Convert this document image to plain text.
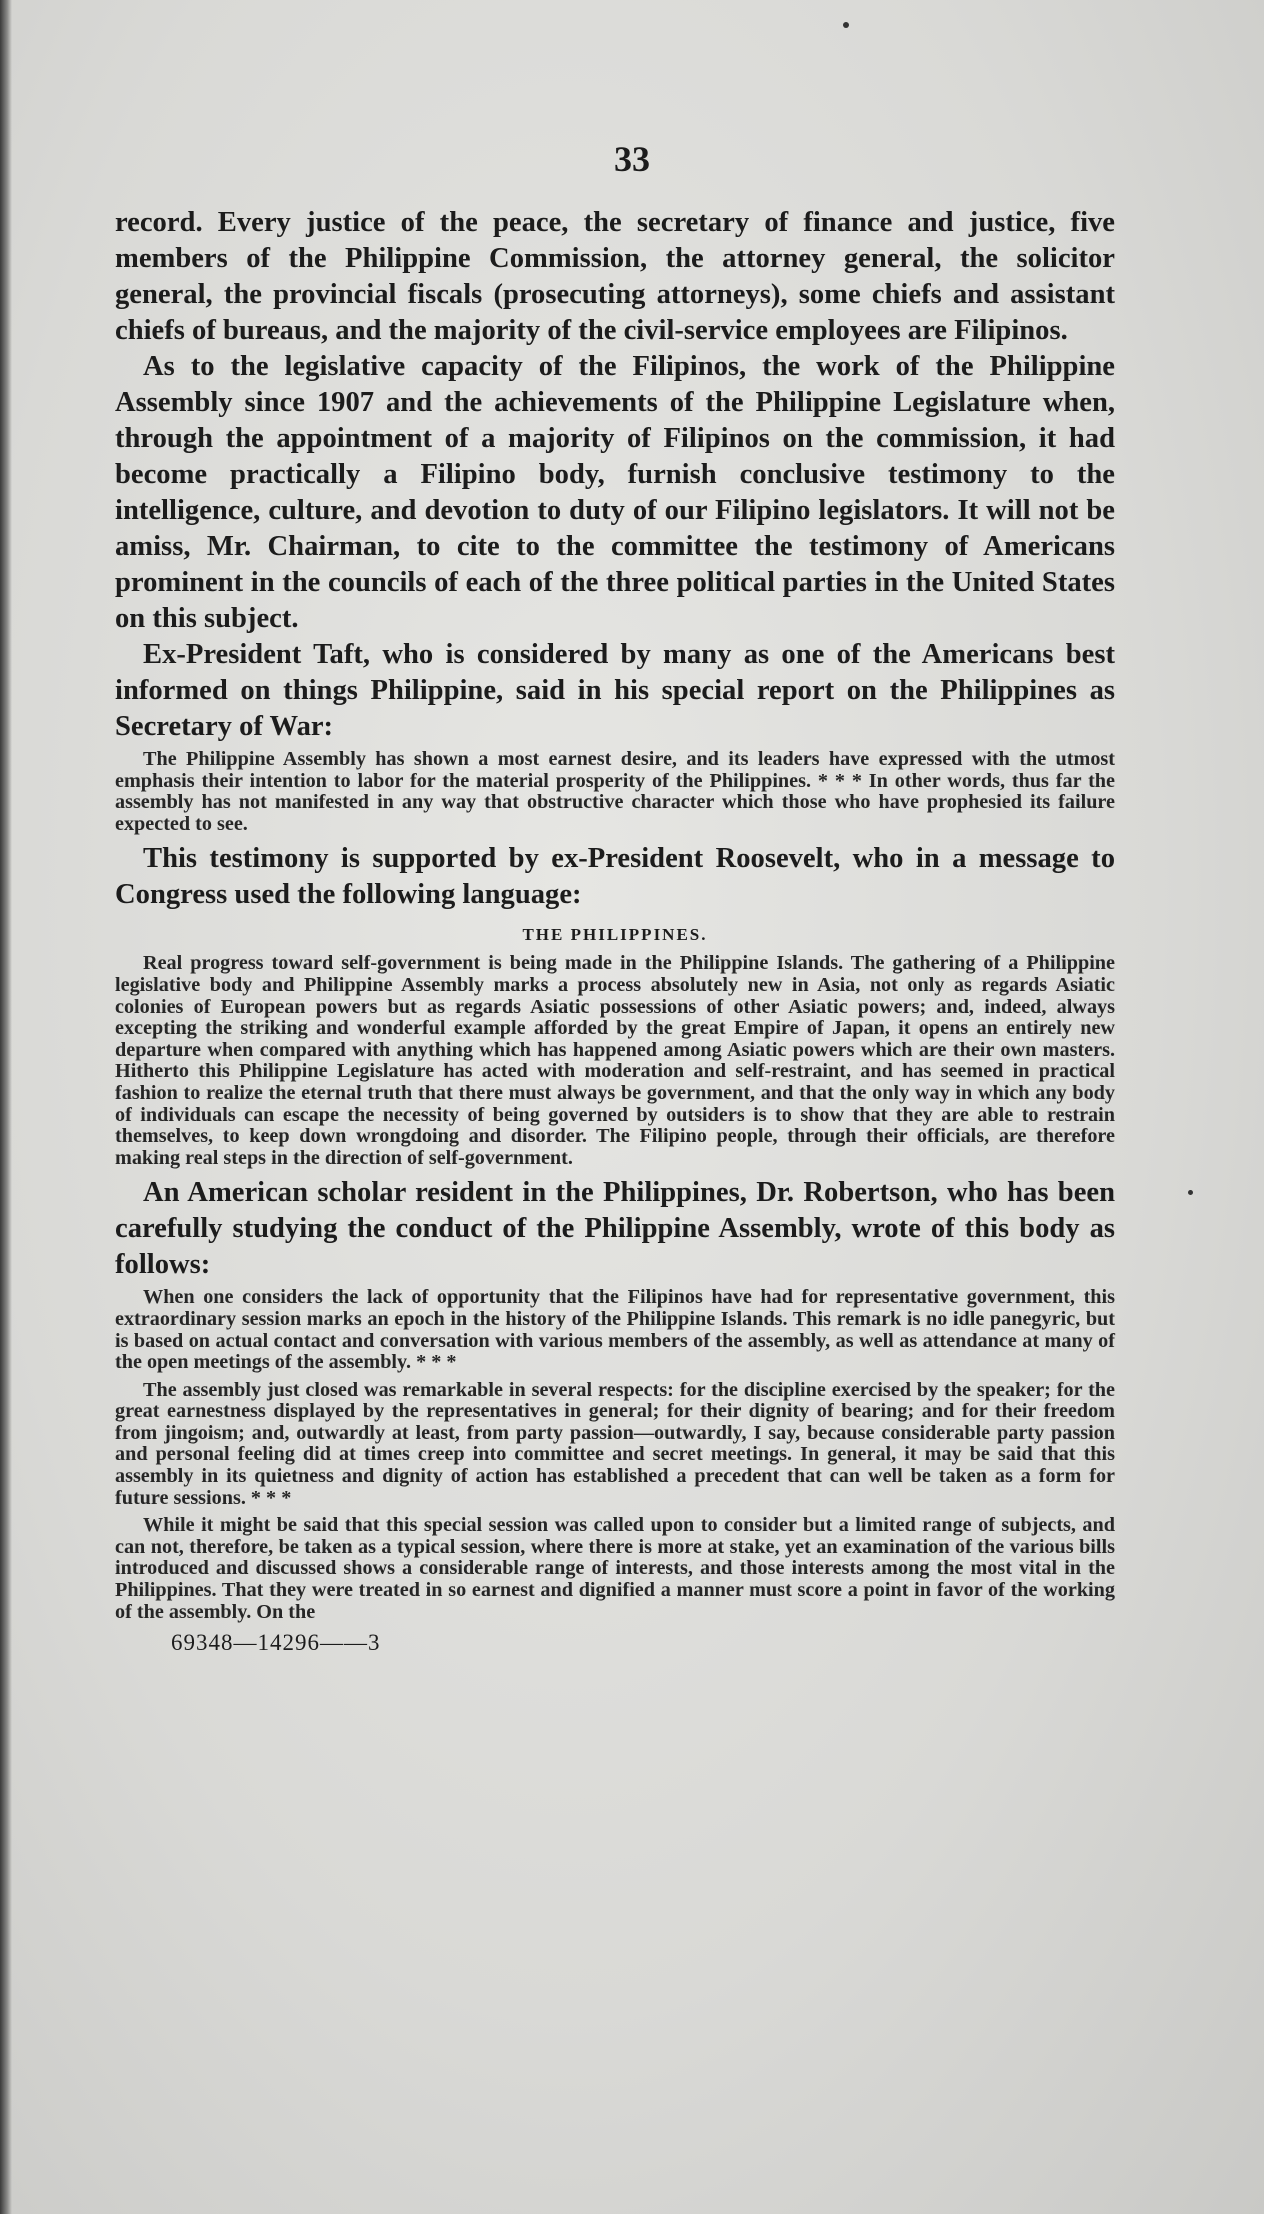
33

record. Every justice of the peace, the secretary of finance and justice, five members of the Philippine Commission, the attorney general, the solicitor general, the provincial fiscals (prosecuting attorneys), some chiefs and assistant chiefs of bureaus, and the majority of the civil-service employees are Filipinos.

As to the legislative capacity of the Filipinos, the work of the Philippine Assembly since 1907 and the achievements of the Philippine Legislature when, through the appointment of a majority of Filipinos on the commission, it had become practically a Filipino body, furnish conclusive testimony to the intelligence, culture, and devotion to duty of our Filipino legislators. It will not be amiss, Mr. Chairman, to cite to the committee the testimony of Americans prominent in the councils of each of the three political parties in the United States on this subject.

Ex-President Taft, who is considered by many as one of the Americans best informed on things Philippine, said in his special report on the Philippines as Secretary of War:

The Philippine Assembly has shown a most earnest desire, and its leaders have expressed with the utmost emphasis their intention to labor for the material prosperity of the Philippines. * * * In other words, thus far the assembly has not manifested in any way that obstructive character which those who have prophesied its failure expected to see.

This testimony is supported by ex-President Roosevelt, who in a message to Congress used the following language:

THE PHILIPPINES.

Real progress toward self-government is being made in the Philippine Islands. The gathering of a Philippine legislative body and Philippine Assembly marks a process absolutely new in Asia, not only as regards Asiatic colonies of European powers but as regards Asiatic possessions of other Asiatic powers; and, indeed, always excepting the striking and wonderful example afforded by the great Empire of Japan, it opens an entirely new departure when compared with anything which has happened among Asiatic powers which are their own masters. Hitherto this Philippine Legislature has acted with moderation and self-restraint, and has seemed in practical fashion to realize the eternal truth that there must always be government, and that the only way in which any body of individuals can escape the necessity of being governed by outsiders is to show that they are able to restrain themselves, to keep down wrongdoing and disorder. The Filipino people, through their officials, are therefore making real steps in the direction of self-government.

An American scholar resident in the Philippines, Dr. Robertson, who has been carefully studying the conduct of the Philippine Assembly, wrote of this body as follows:

When one considers the lack of opportunity that the Filipinos have had for representative government, this extraordinary session marks an epoch in the history of the Philippine Islands. This remark is no idle panegyric, but is based on actual contact and conversation with various members of the assembly, as well as attendance at many of the open meetings of the assembly. * * *

The assembly just closed was remarkable in several respects: for the discipline exercised by the speaker; for the great earnestness displayed by the representatives in general; for their dignity of bearing; and for their freedom from jingoism; and, outwardly at least, from party passion—outwardly, I say, because considerable party passion and personal feeling did at times creep into committee and secret meetings. In general, it may be said that this assembly in its quietness and dignity of action has established a precedent that can well be taken as a form for future sessions. * * *

While it might be said that this special session was called upon to consider but a limited range of subjects, and can not, therefore, be taken as a typical session, where there is more at stake, yet an examination of the various bills introduced and discussed shows a considerable range of interests, and those interests among the most vital in the Philippines. That they were treated in so earnest and dignified a manner must score a point in favor of the working of the assembly. On the

69348—14296——3
